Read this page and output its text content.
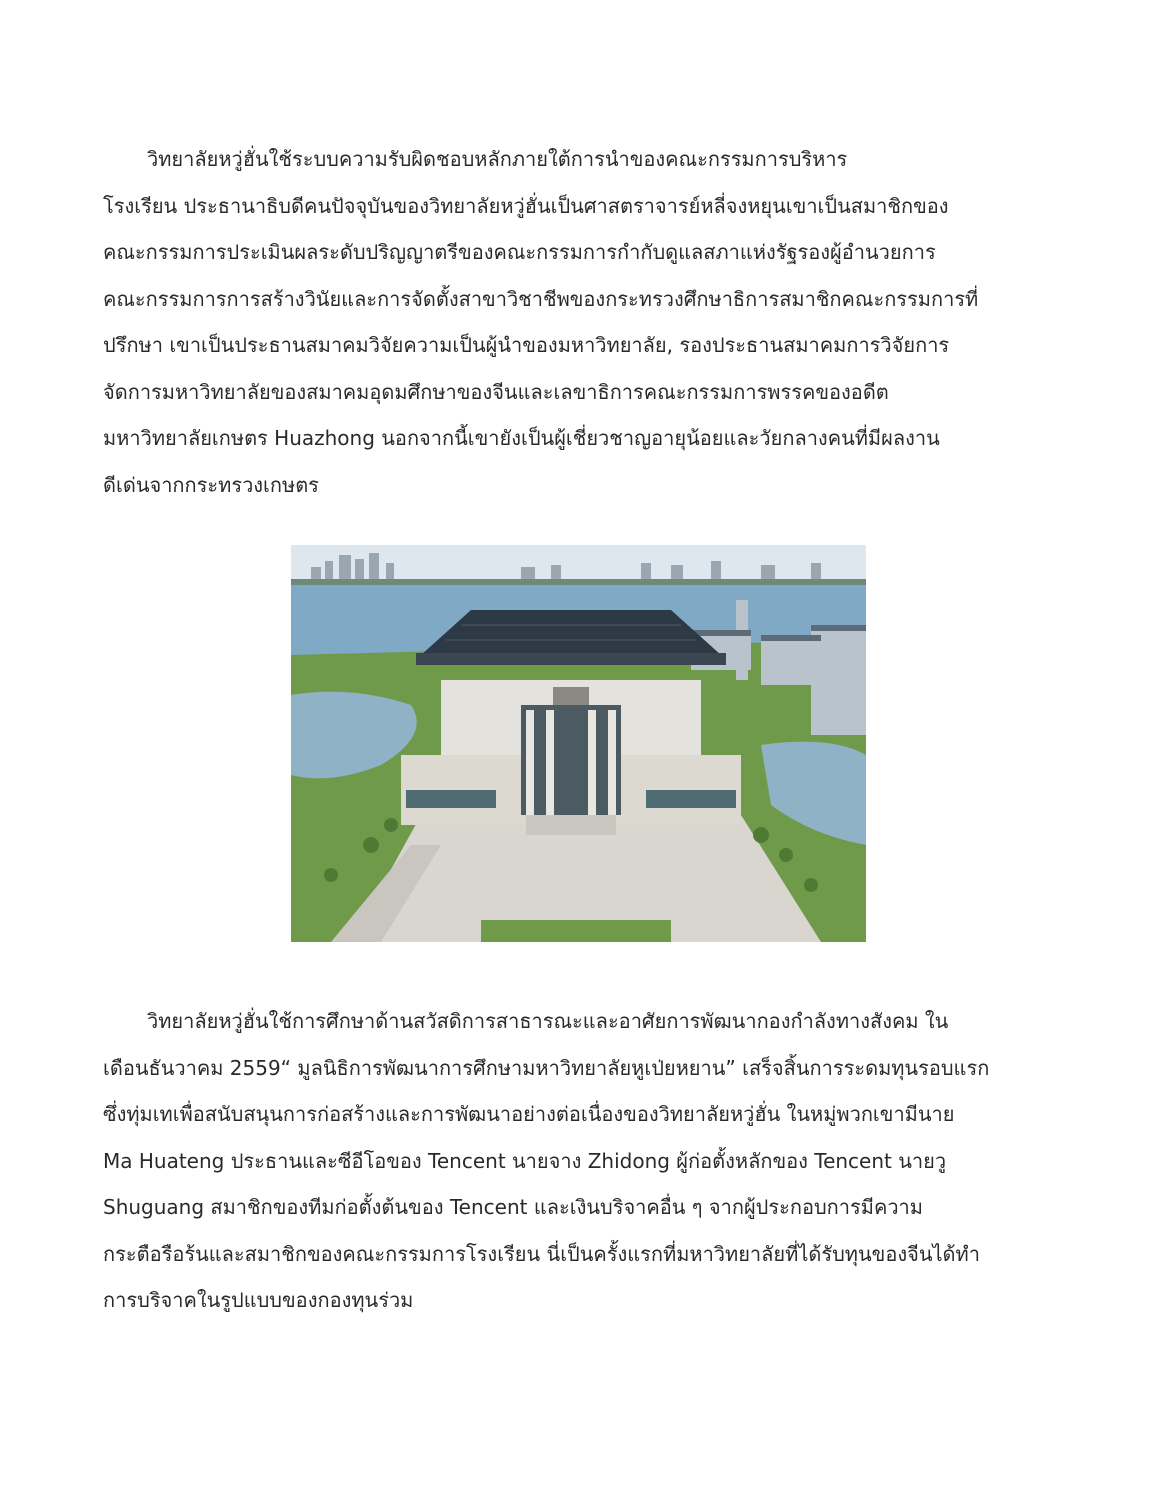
วิทยาลัยหวู่ฮั่นใช้ระบบความรับผิดชอบหลักภายใต้การนำของคณะกรรมการบริหาร
โรงเรียน ประธานาธิบดีคนปัจจุบันของวิทยาลัยหวู่ฮั่นเป็นศาสตราจารย์หลี่จงหยุนเขาเป็นสมาชิกของ
คณะกรรมการประเมินผลระดับปริญญาตรีของคณะกรรมการกำกับดูแลสภาแห่งรัฐรองผู้อำนวยการ
คณะกรรมการการสร้างวินัยและการจัดตั้งสาขาวิชาชีพของกระทรวงศึกษาธิการสมาชิกคณะกรรมการที่
ปรึกษา เขาเป็นประธานสมาคมวิจัยความเป็นผู้นำของมหาวิทยาลัย, รองประธานสมาคมการวิจัยการ
จัดการมหาวิทยาลัยของสมาคมอุดมศึกษาของจีนและเลขาธิการคณะกรรมการพรรคของอดีต
มหาวิทยาลัยเกษตร Huazhong นอกจากนี้เขายังเป็นผู้เชี่ยวชาญอายุน้อยและวัยกลางคนที่มีผลงาน
ดีเด่นจากกระทรวงเกษตร
วิทยาลัยหวู่ฮั่นใช้การศึกษาด้านสวัสดิการสาธารณะและอาศัยการพัฒนากองกำลังทางสังคม ใน
เดือนธันวาคม 2559“ มูลนิธิการพัฒนาการศึกษามหาวิทยาลัยหูเป่ยหยาน” เสร็จสิ้นการระดมทุนรอบแรก
ซึ่งทุ่มเทเพื่อสนับสนุนการก่อสร้างและการพัฒนาอย่างต่อเนื่องของวิทยาลัยหวู่ฮั่น ในหมู่พวกเขามีนาย
Ma Huateng ประธานและซีอีโอของ Tencent นายจาง Zhidong ผู้ก่อตั้งหลักของ Tencent นายวู
Shuguang สมาชิกของทีมก่อตั้งต้นของ Tencent และเงินบริจาคอื่น ๆ จากผู้ประกอบการมีความ
กระตือรือร้นและสมาชิกของคณะกรรมการโรงเรียน นี่เป็นครั้งแรกที่มหาวิทยาลัยที่ได้รับทุนของจีนได้ทำ
การบริจาคในรูปแบบของกองทุนร่วม
